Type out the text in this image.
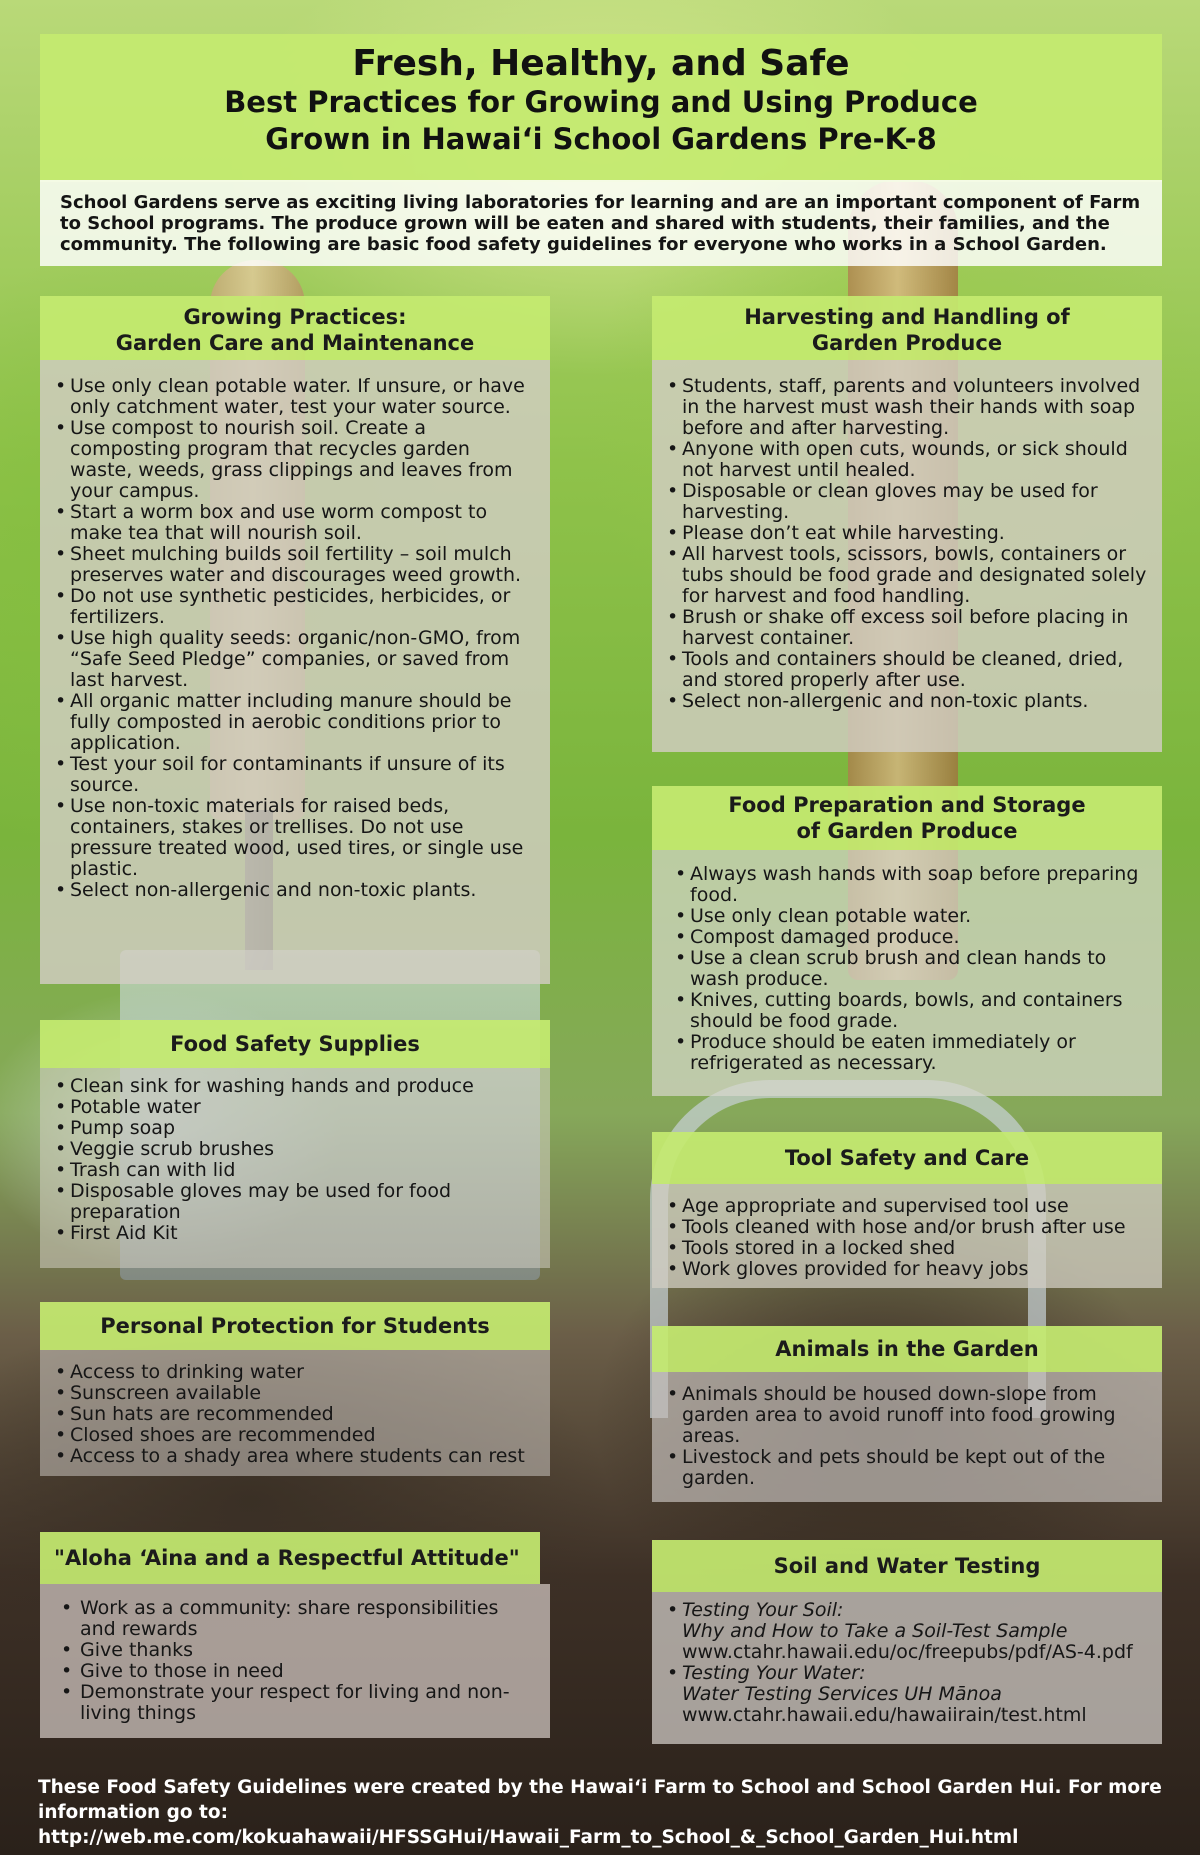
Fresh, Healthy, and Safe
Best Practices for Growing and Using Produce
Grown in Hawai‘i School Gardens Pre-K-8
School Gardens serve as exciting living laboratories for learning and are an important component of Farm to School programs. The produce grown will be eaten and shared with students, their families, and the community. The following are basic food safety guidelines for everyone who works in a School Garden.
Growing Practices:
Garden Care and Maintenance
• Use only clean potable water. If unsure, or have only catchment water, test your water source.
• Use compost to nourish soil. Create a composting program that recycles garden waste, weeds, grass clippings and leaves from your campus.
• Start a worm box and use worm compost to make tea that will nourish soil.
• Sheet mulching builds soil fertility – soil mulch preserves water and discourages weed growth.
• Do not use synthetic pesticides, herbicides, or fertilizers.
• Use high quality seeds: organic/non-GMO, from “Safe Seed Pledge” companies, or saved from last harvest.
• All organic matter including manure should be fully composted in aerobic conditions prior to application.
• Test your soil for contaminants if unsure of its source.
• Use non-toxic materials for raised beds, containers, stakes or trellises. Do not use pressure treated wood, used tires, or single use plastic.
• Select non-allergenic and non-toxic plants.
Food Safety Supplies
• Clean sink for washing hands and produce
• Potable water
• Pump soap
• Veggie scrub brushes
• Trash can with lid
• Disposable gloves may be used for food preparation
• First Aid Kit
Personal Protection for Students
• Access to drinking water
• Sunscreen available
• Sun hats are recommended
• Closed shoes are recommended
• Access to a shady area where students can rest
"Aloha ‘Aina and a Respectful Attitude"
• Work as a community: share responsibilities and rewards
• Give thanks
• Give to those in need
• Demonstrate your respect for living and non-living things
Harvesting and Handling of
Garden Produce
• Students, staff, parents and volunteers involved in the harvest must wash their hands with soap before and after harvesting.
• Anyone with open cuts, wounds, or sick should not harvest until healed.
• Disposable or clean gloves may be used for harvesting.
• Please don’t eat while harvesting.
• All harvest tools, scissors, bowls, containers or tubs should be food grade and designated solely for harvest and food handling.
• Brush or shake off excess soil before placing in harvest container.
• Tools and containers should be cleaned, dried, and stored properly after use.
• Select non-allergenic and non-toxic plants.
Food Preparation and Storage
of Garden Produce
• Always wash hands with soap before preparing food.
• Use only clean potable water.
• Compost damaged produce.
• Use a clean scrub brush and clean hands to wash produce.
• Knives, cutting boards, bowls, and containers should be food grade.
• Produce should be eaten immediately or refrigerated as necessary.
Tool Safety and Care
• Age appropriate and supervised tool use
• Tools cleaned with hose and/or brush after use
• Tools stored in a locked shed
• Work gloves provided for heavy jobs
Animals in the Garden
• Animals should be housed down-slope from garden area to avoid runoff into food growing areas.
• Livestock and pets should be kept out of the garden.
Soil and Water Testing
• Testing Your Soil:
Why and How to Take a Soil-Test Sample
www.ctahr.hawaii.edu/oc/freepubs/pdf/AS-4.pdf
• Testing Your Water:
Water Testing Services UH Mānoa
www.ctahr.hawaii.edu/hawaiirain/test.html
These Food Safety Guidelines were created by the Hawai‘i Farm to School and School Garden Hui. For more
information go to: http://web.me.com/kokuahawaii/HFSSGHui/Hawaii_Farm_to_School_&_School_Garden_Hui.html
